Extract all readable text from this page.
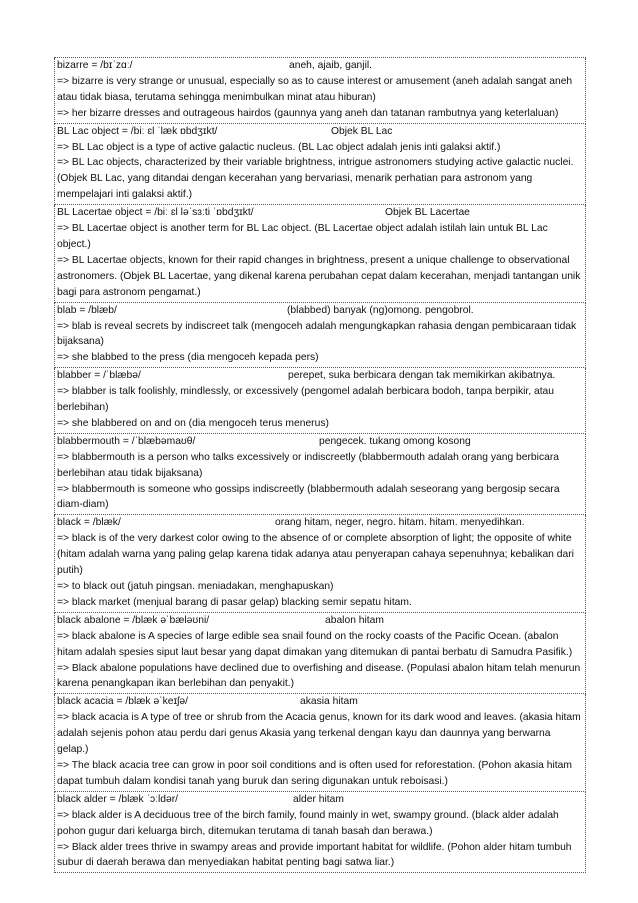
bizarre = /bɪˈzɑː/	aneh, ajaib, ganjil.
=> bizarre is very strange or unusual, especially so as to cause interest or amusement (aneh adalah sangat aneh atau tidak biasa, terutama sehingga menimbulkan minat atau hiburan)
=> her bizarre dresses and outrageous hairdos (gaunnya yang aneh dan tatanan rambutnya yang keterlaluan)
BL Lac object = /biː ɛl ˈlæk ɒbdʒɪkt/	Objek BL Lac
=> BL Lac object is a type of active galactic nucleus. (BL Lac object adalah jenis inti galaksi aktif.)
=> BL Lac objects, characterized by their variable brightness, intrigue astronomers studying active galactic nuclei. (Objek BL Lac, yang ditandai dengan kecerahan yang bervariasi, menarik perhatian para astronom yang mempelajari inti galaksi aktif.)
BL Lacertae object = /biː ɛl ləˈsɜːti ˈɒbdʒɪkt/	Objek BL Lacertae
=> BL Lacertae object is another term for BL Lac object. (BL Lacertae object adalah istilah lain untuk BL Lac object.)
=> BL Lacertae objects, known for their rapid changes in brightness, present a unique challenge to observational astronomers. (Objek BL Lacertae, yang dikenal karena perubahan cepat dalam kecerahan, menjadi tantangan unik bagi para astronom pengamat.)
blab = /blæb/	(blabbed) banyak (ng)omong. pengobrol.
=> blab is reveal secrets by indiscreet talk (mengoceh adalah mengungkapkan rahasia dengan pembicaraan tidak bijaksana)
=> she blabbed to the press (dia mengoceh kepada pers)
blabber = /ˈblæbə/	perepet, suka berbicara dengan tak memikirkan akibatnya.
=> blabber is talk foolishly, mindlessly, or excessively (pengomel adalah berbicara bodoh, tanpa berpikir, atau berlebihan)
=> she blabbered on and on (dia mengoceh terus menerus)
blabbermouth = /ˈblæbəmaʊθ/	pengecek. tukang omong kosong
=> blabbermouth is a person who talks excessively or indiscreetly (blabbermouth adalah orang yang berbicara berlebihan atau tidak bijaksana)
=> blabbermouth is someone who gossips indiscreetly (blabbermouth adalah seseorang yang bergosip secara diam-diam)
black = /blæk/	orang hitam, neger, negro. hitam. hitam. menyedihkan.
=> black is of the very darkest color owing to the absence of or complete absorption of light; the opposite of white (hitam adalah warna yang paling gelap karena tidak adanya atau penyerapan cahaya sepenuhnya; kebalikan dari putih)
=> to black out (jatuh pingsan. meniadakan, menghapuskan)
=> black market (menjual barang di pasar gelap) blacking semir sepatu hitam.
black abalone = /blæk əˈbæləʊni/	abalon hitam
=> black abalone is A species of large edible sea snail found on the rocky coasts of the Pacific Ocean. (abalon hitam adalah spesies siput laut besar yang dapat dimakan yang ditemukan di pantai berbatu di Samudra Pasifik.)
=> Black abalone populations have declined due to overfishing and disease. (Populasi abalon hitam telah menurun karena penangkapan ikan berlebihan dan penyakit.)
black acacia = /blæk əˈkeɪʃə/	akasia hitam
=> black acacia is A type of tree or shrub from the Acacia genus, known for its dark wood and leaves. (akasia hitam adalah sejenis pohon atau perdu dari genus Akasia yang terkenal dengan kayu dan daunnya yang berwarna gelap.)
=> The black acacia tree can grow in poor soil conditions and is often used for reforestation. (Pohon akasia hitam dapat tumbuh dalam kondisi tanah yang buruk dan sering digunakan untuk reboisasi.)
black alder = /blæk ˈɔːldər/	alder hitam
=> black alder is A deciduous tree of the birch family, found mainly in wet, swampy ground. (black alder adalah pohon gugur dari keluarga birch, ditemukan terutama di tanah basah dan berawa.)
=> Black alder trees thrive in swampy areas and provide important habitat for wildlife. (Pohon alder hitam tumbuh subur di daerah berawa dan menyediakan habitat penting bagi satwa liar.)
